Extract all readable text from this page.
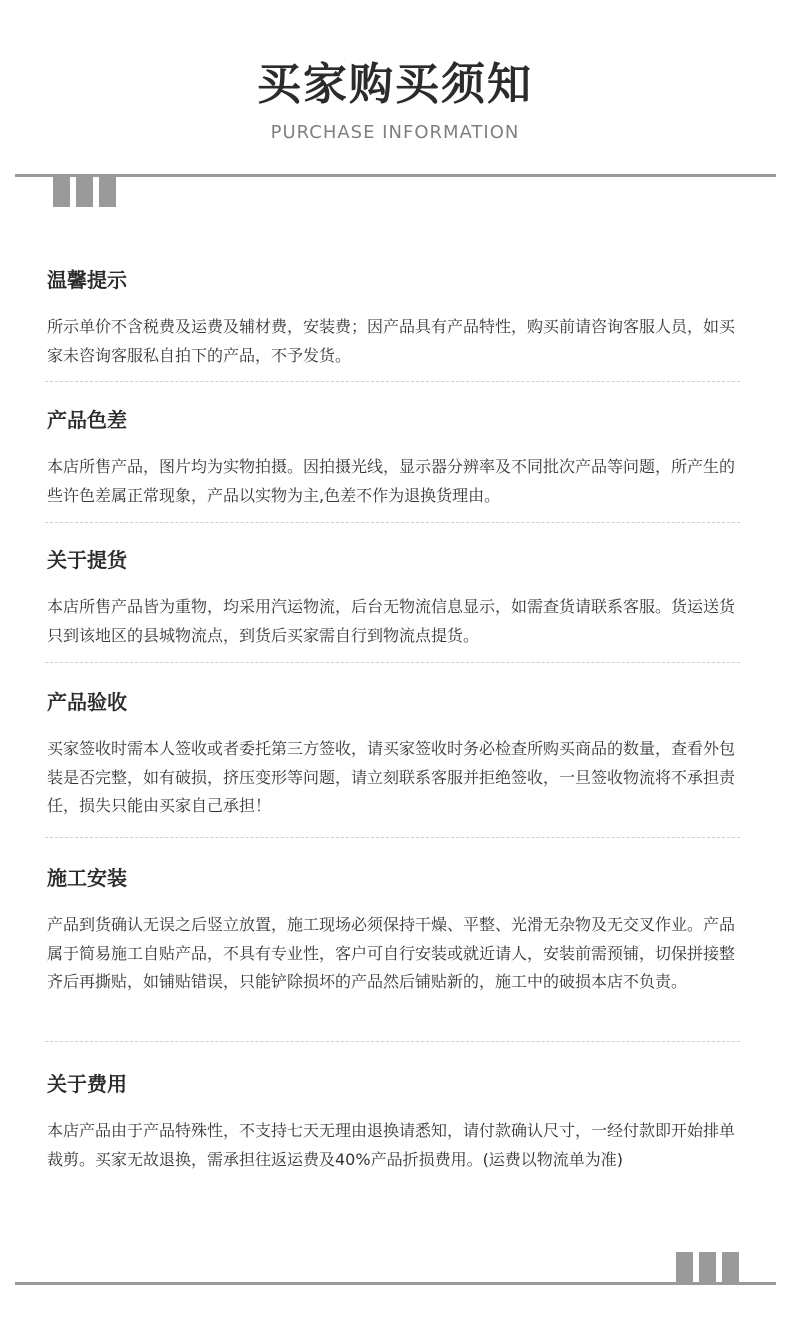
买家购买须知
PURCHASE INFORMATION
温馨提示

所示单价不含税费及运费及辅材费，安装费；因产品具有产品特性，购买前请咨询客服人员，如买家未咨询客服私自拍下的产品，不予发货。

产品色差

本店所售产品，图片均为实物拍摄。因拍摄光线，显示器分辨率及不同批次产品等问题，所产生的些许色差属正常现象，产品以实物为主,色差不作为退换货理由。

关于提货

本店所售产品皆为重物，均采用汽运物流，后台无物流信息显示，如需查货请联系客服。货运送货只到该地区的县城物流点，到货后买家需自行到物流点提货。

产品验收

买家签收时需本人签收或者委托第三方签收，请买家签收时务必检查所购买商品的数量，查看外包装是否完整，如有破损，挤压变形等问题，请立刻联系客服并拒绝签收，一旦签收物流将不承担责任，损失只能由买家自己承担！

施工安装

产品到货确认无误之后竖立放置，施工现场必须保持干燥、平整、光滑无杂物及无交叉作业。产品属于简易施工自贴产品，不具有专业性，客户可自行安装或就近请人，安装前需预铺，切保拼接整齐后再撕贴，如铺贴错误，只能铲除损坏的产品然后铺贴新的，施工中的破损本店不负责。

关于费用

本店产品由于产品特殊性，不支持七天无理由退换请悉知，请付款确认尺寸，一经付款即开始排单裁剪。买家无故退换，需承担往返运费及40%产品折损费用。(运费以物流单为准)
